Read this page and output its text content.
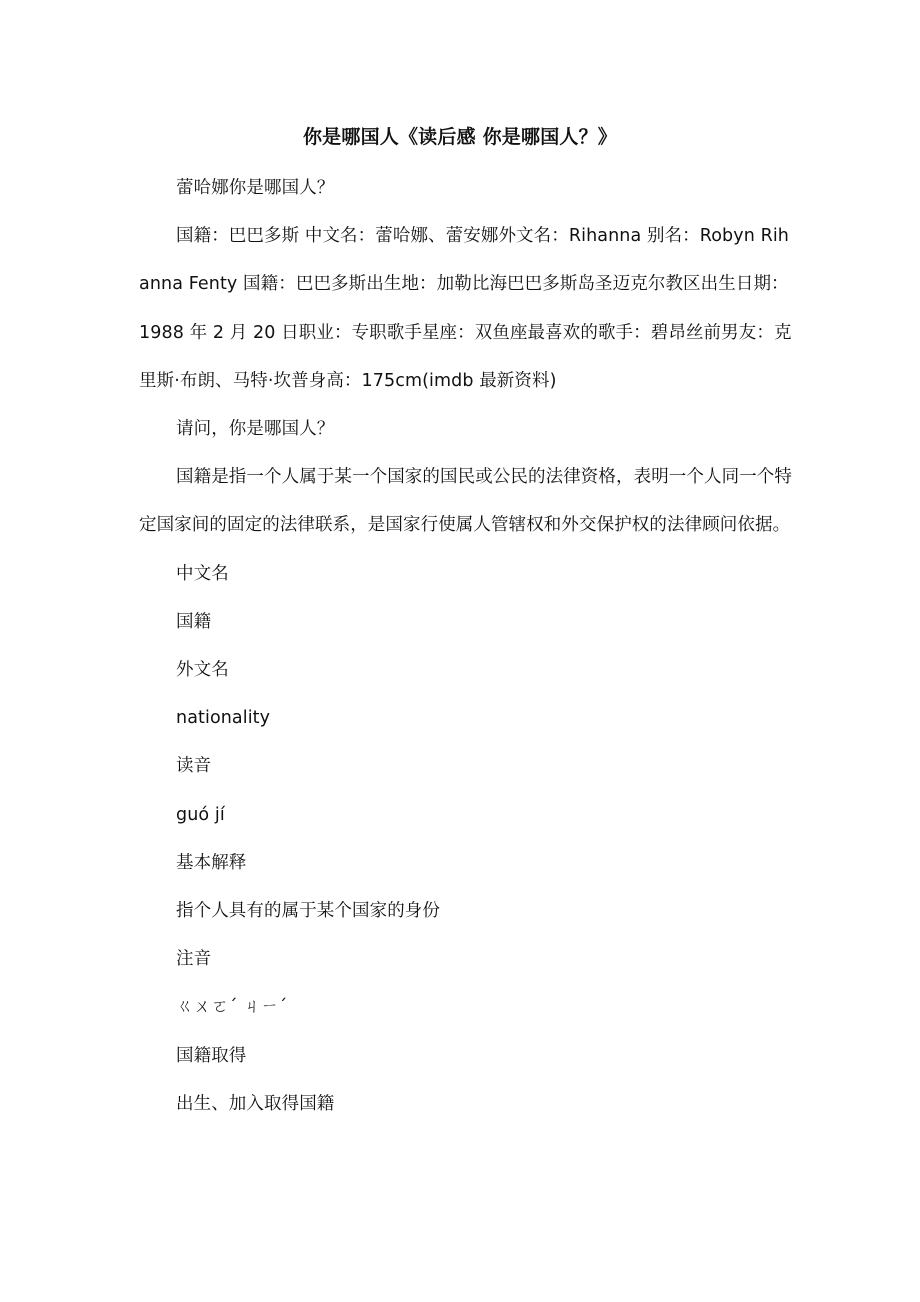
你是哪国人《读后感 你是哪国人？》

蕾哈娜你是哪国人？

国籍：巴巴多斯 中文名：蕾哈娜、蕾安娜外文名：Rihanna 别名：Robyn Rihanna Fenty 国籍：巴巴多斯出生地：加勒比海巴巴多斯岛圣迈克尔教区出生日期：1988 年 2 月 20 日职业：专职歌手星座：双鱼座最喜欢的歌手：碧昂丝前男友：克里斯·布朗、马特·坎普身高：175cm(imdb 最新资料)

请问，你是哪国人？

国籍是指一个人属于某一个国家的国民或公民的法律资格，表明一个人同一个特定国家间的固定的法律联系，是国家行使属人管辖权和外交保护权的法律顾问依据。

中文名

国籍

外文名

nationality

读音

guó jí

基本解释

指个人具有的属于某个国家的身份

注音

ㄍㄨㄛˊ ㄐㄧˊ

国籍取得

出生、加入取得国籍
